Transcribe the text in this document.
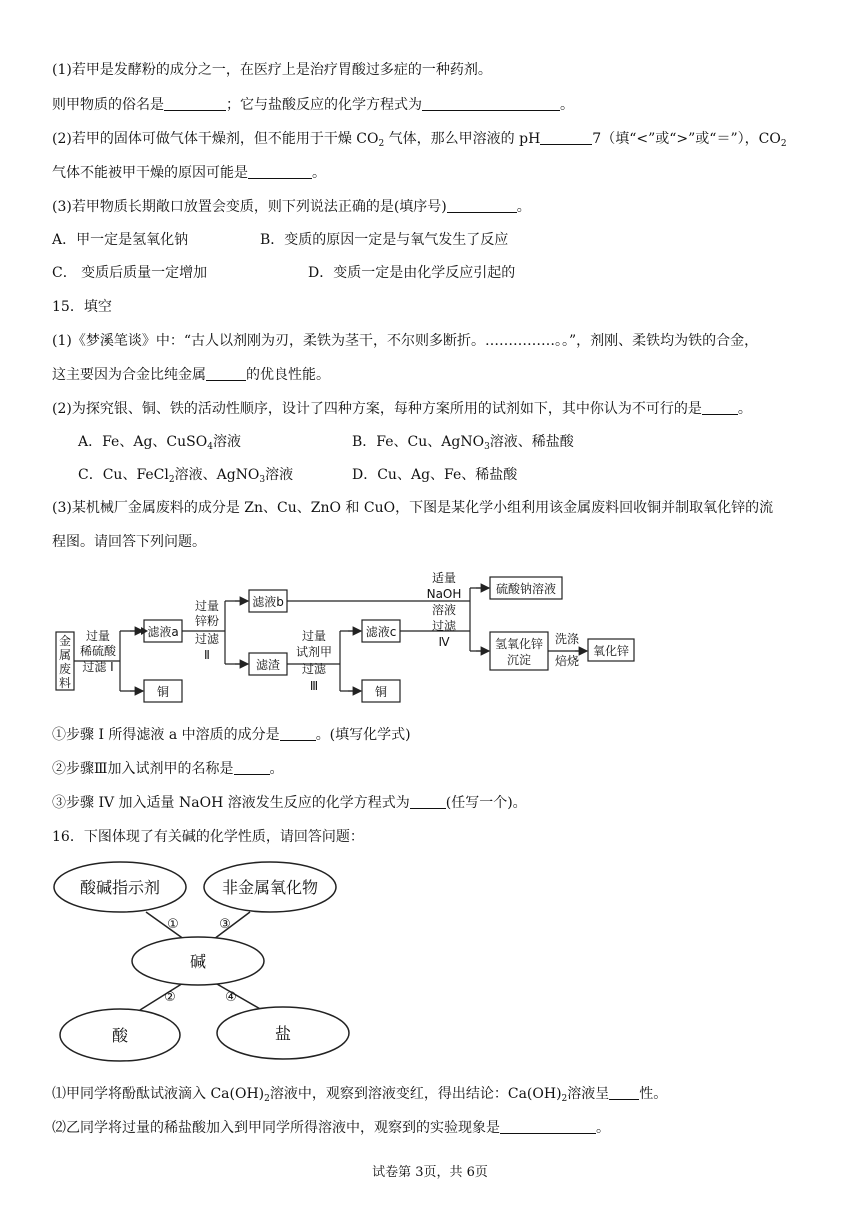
(1)若甲是发酵粉的成分之一，在医疗上是治疗胃酸过多症的一种药剂。
则甲物质的俗名是	；它与盐酸反应的化学方程式为	。
(2)若甲的固体可做气体干燥剂，但不能用于干燥 $CO_2$ 气体，那么甲溶液的 pH	7（填“<”或“>”或“＝”），$CO_2$
气体不能被甲干燥的原因可能是	。
(3)若甲物质长期敞口放置会变质，则下列说法正确的是(填序号)	。
A．甲一定是氢氧化钠	B．变质的原因一定是与氧气发生了反应
C． 变质后质量一定增加	D．变质一定是由化学反应引起的
15．填空
(1)《梦溪笔谈》中：“古人以剂刚为刃，柔铁为茎干，不尔则多断折。……………。。”，剂刚、柔铁均为铁的合金，
这主要因为合金比纯金属	的优良性能。
(2)为探究银、铜、铁的活动性顺序，设计了四种方案，每种方案所用的试剂如下，其中你认为不可行的是	。
A．Fe、Ag、CuSO$_4$溶液	B．Fe、Cu、AgNO$_3$溶液、稀盐酸
C．Cu、FeCl$_2$溶液、AgNO$_3$溶液	D．Cu、Ag、Fe、稀盐酸
(3)某机械厂金属废料的成分是 Zn、Cu、ZnO 和 CuO，下图是某化学小组利用该金属废料回收铜并制取氧化锌的流
程图。请回答下列问题。
金
属
废
料
过量
稀硫酸
过滤 I
滤液a
铜
过量
锌粉
过滤
Ⅱ
滤液b
滤渣
过量
试剂甲
过滤
Ⅲ
滤液c
铜
适量
NaOH
溶液
过滤
Ⅳ
硫酸钠溶液
氢氧化锌
沉淀
洗涤
焙烧
氧化锌
①步骤 I 所得滤液 a 中溶质的成分是	。(填写化学式)
②步骤Ⅲ加入试剂甲的名称是	。
③步骤 IV 加入适量 NaOH 溶液发生反应的化学方程式为	(任写一个)。
16．下图体现了有关碱的化学性质，请回答问题：
酸碱指示剂	非金属氧化物
碱
酸	盐
①	③
②	④
⑴甲同学将酚酞试液滴入 $Ca(OH)_2$溶液中，观察到溶液变红，得出结论：$Ca(OH)_2$溶液呈 性。
⑵乙同学将过量的稀盐酸加入到甲同学所得溶液中，观察到的实验现象是	。
试卷第 3页，共 6页
